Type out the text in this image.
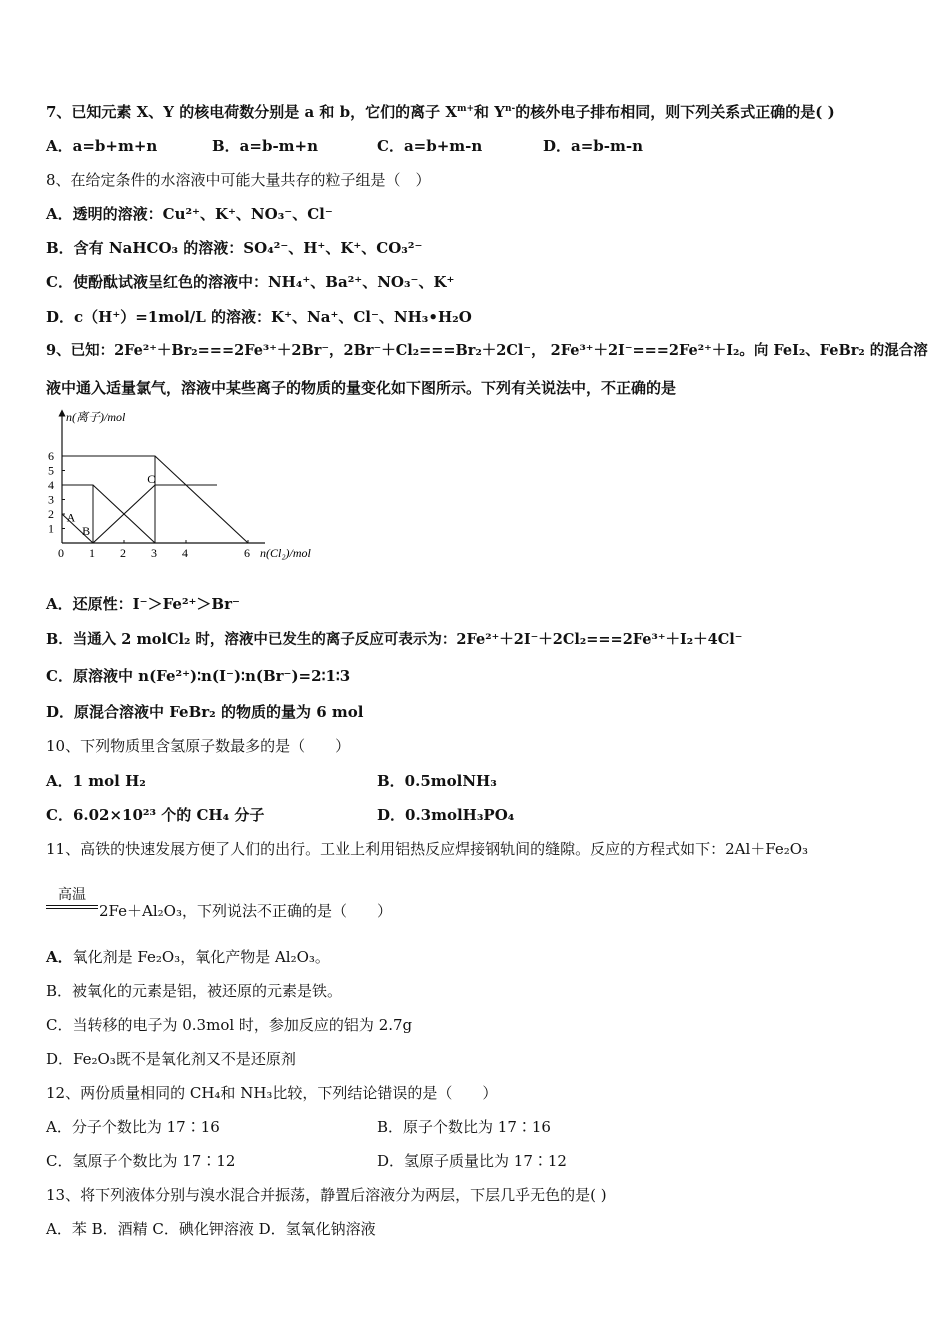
7、已知元素 X、Y 的核电荷数分别是 a 和 b，它们的离子 $X^{m+}$和 $Y^{n-}$的核外电子排布相同，则下列关系式正确的是( )
A．a=b+m+n	B．a=b-m+n	C．a=b+m-n	D．a=b-m-n
8、在给定条件的水溶液中可能大量共存的粒子组是（　）
A．透明的溶液：Cu²⁺、K⁺、NO₃⁻、Cl⁻
B．含有 NaHCO₃ 的溶液：SO₄²⁻、H⁺、K⁺、CO₃²⁻
C．使酚酞试液呈红色的溶液中：NH₄⁺、Ba²⁺、NO₃⁻、K⁺
D．c（H⁺）=1mol/L 的溶液：K⁺、Na⁺、Cl⁻、NH₃•H₂O
9、已知：2Fe²⁺＋Br₂===2Fe³⁺＋2Br⁻，2Br⁻＋Cl₂===Br₂＋2Cl⁻， 2Fe³⁺＋2I⁻===2Fe²⁺＋I₂。向 FeI₂、FeBr₂ 的混合溶
液中通入适量氯气，溶液中某些离子的物质的量变化如下图所示。下列有关说法中，不正确的是
n(离子)/mol
n(Cl₂)/mol
0 1 2 3 4	6
1
2
3
4
5
6
A
B
C
A．还原性：I⁻＞Fe²⁺＞Br⁻
B．当通入 2 molCl₂ 时，溶液中已发生的离子反应可表示为：2Fe²⁺＋2I⁻＋2Cl₂===2Fe³⁺＋I₂＋4Cl⁻
C．原溶液中 n(Fe²⁺)∶n(I⁻)∶n(Br⁻)=2∶1∶3
D．原混合溶液中 FeBr₂ 的物质的量为 6 mol
10、下列物质里含氢原子数最多的是（　　）
A．1 mol H₂	B．0.5molNH₃
C．6.02×10²³ 个的 CH₄ 分子	D．0.3molH₃PO₄
11、高铁的快速发展方便了人们的出行。工业上利用铝热反应焊接钢轨间的缝隙。反应的方程式如下：2Al＋Fe₂O₃
高温
2Fe＋Al₂O₃，下列说法不正确的是（　　）
A．氧化剂是 Fe₂O₃，氧化产物是 Al₂O₃。
B．被氧化的元素是铝，被还原的元素是铁。
C．当转移的电子为 0.3mol 时，参加反应的铝为 2.7g
D．Fe₂O₃既不是氧化剂又不是还原剂
12、两份质量相同的 CH₄和 NH₃比较，下列结论错误的是（　　）
A．分子个数比为 17∶16	B．原子个数比为 17∶16
C．氢原子个数比为 17∶12	D．氢原子质量比为 17∶12
13、将下列液体分别与溴水混合并振荡，静置后溶液分为两层，下层几乎无色的是( )
A．苯 B．酒精 C．碘化钾溶液 D．氢氧化钠溶液
